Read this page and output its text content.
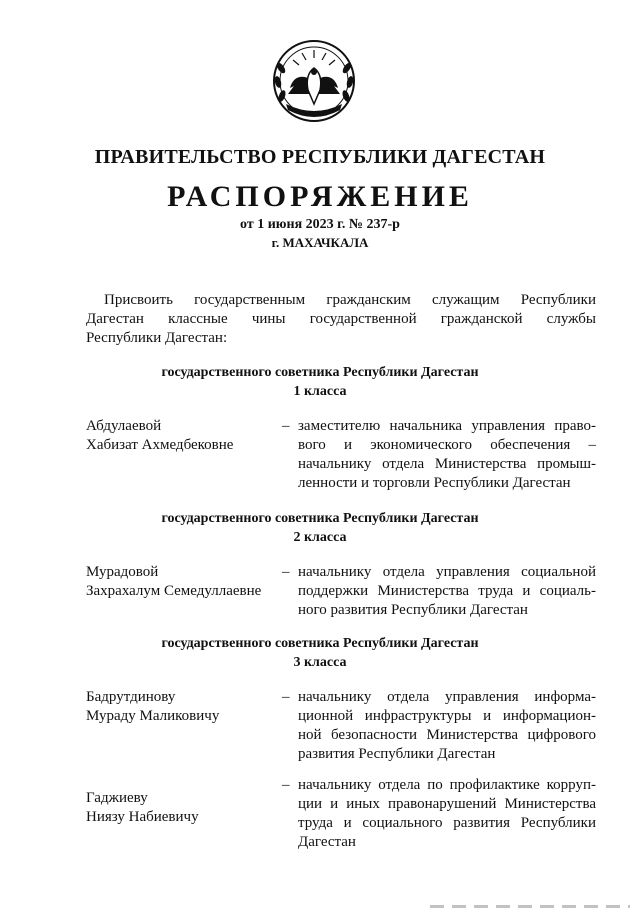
ПРАВИТЕЛЬСТВО РЕСПУБЛИКИ ДАГЕСТАН
РАСПОРЯЖЕНИЕ
от 1 июня 2023 г. № 237-р
г. МАХАЧКАЛА
Присвоить государственным гражданским служащим Республики
Дагестан классные чины государственной гражданской службы
Республики Дагестан:
государственного советника Республики Дагестан
1 класса
Абдулаевой
Хабизат Ахмедбековне
– заместителю начальника управления право-
вого и экономического обеспечения –
начальнику отдела Министерства промыш-
ленности и торговли Республики Дагестан
государственного советника Республики Дагестан
2 класса
Мурадовой
Захрахалум Семедуллаевне
– начальнику отдела управления социальной
поддержки Министерства труда и социаль-
ного развития Республики Дагестан
государственного советника Республики Дагестан
3 класса
Бадрутдинову
Мураду Маликовичу
– начальнику отдела управления информа-
ционной инфраструктуры и информацион-
ной безопасности Министерства цифрового
развития Республики Дагестан
Гаджиеву
Ниязу Набиевичу
– начальнику отдела по профилактике корруп-
ции и иных правонарушений Министерства
труда и социального развития Республики
Дагестан
